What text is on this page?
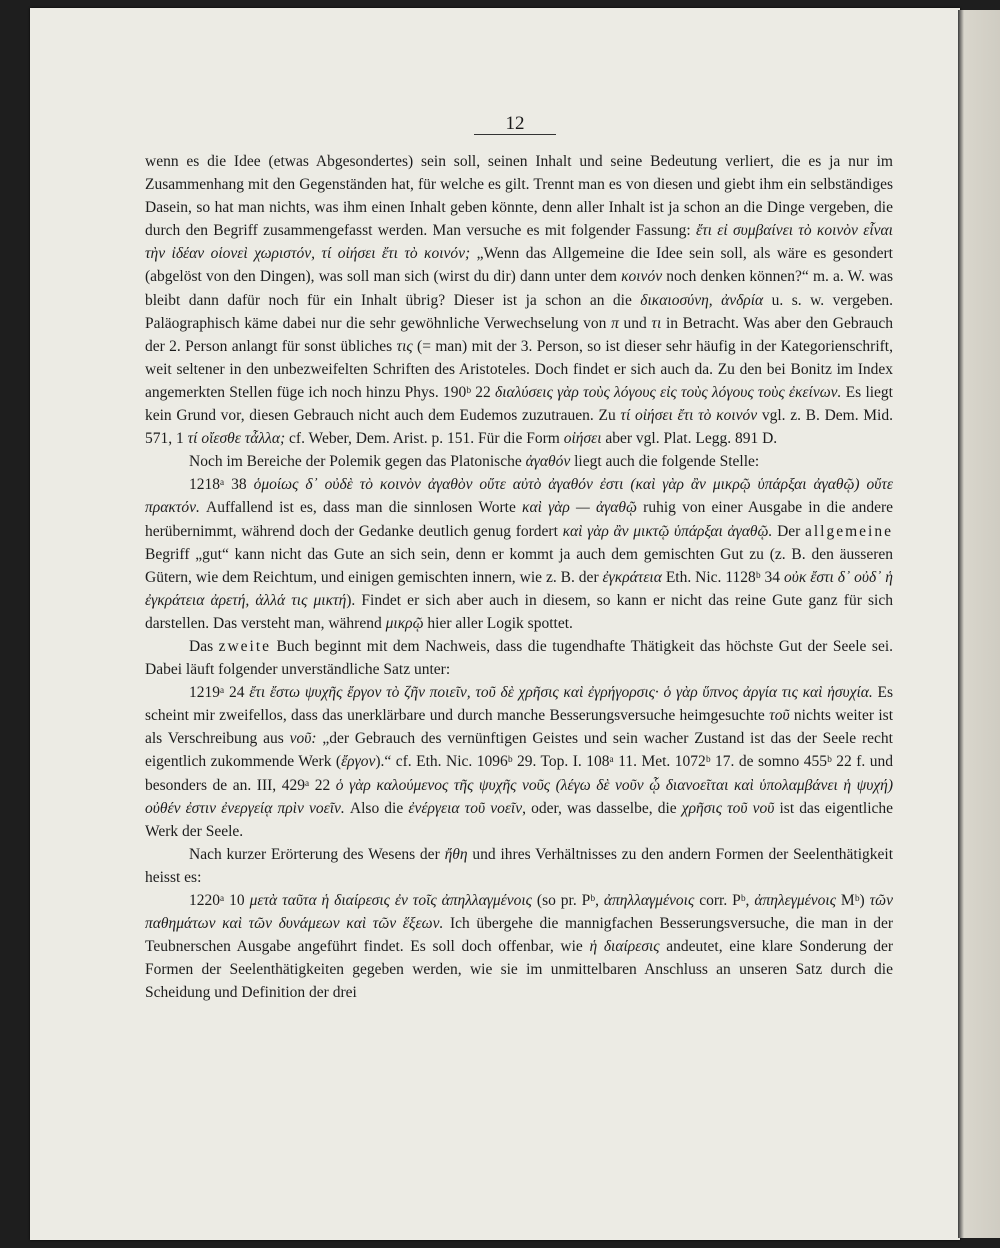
12

wenn es die Idee (etwas Abgesondertes) sein soll, seinen Inhalt und seine Bedeutung verliert, die es ja nur im Zusammenhang mit den Gegenständen hat, für welche es gilt. Trennt man es von diesen und giebt ihm ein selbständiges Dasein, so hat man nichts, was ihm einen Inhalt geben könnte, denn aller Inhalt ist ja schon an die Dinge vergeben, die durch den Begriff zusammengefasst werden. Man versuche es mit folgender Fassung: ἔτι εἰ συμβαίνει τὸ κοινὸν εἶναι τὴν ἰδέαν οἱονεὶ χωριστόν, τί οἰήσει ἔτι τὸ κοινόν; „Wenn das Allgemeine die Idee sein soll, als wäre es gesondert (abgelöst von den Dingen), was soll man sich (wirst du dir) dann unter dem κοινόν noch denken können?“ m. a. W. was bleibt dann dafür noch für ein Inhalt übrig? Dieser ist ja schon an die δικαιοσύνη, ἀνδρία u. s. w. vergeben. Paläographisch käme dabei nur die sehr gewöhnliche Verwechselung von π und τι in Betracht. Was aber den Gebrauch der 2. Person anlangt für sonst übliches τις (= man) mit der 3. Person, so ist dieser sehr häufig in der Kategorienschrift, weit seltener in den unbezweifelten Schriften des Aristoteles. Doch findet er sich auch da. Zu den bei Bonitz im Index angemerkten Stellen füge ich noch hinzu Phys. 190ᵇ 22 διαλύσεις γὰρ τοὺς λόγους εἰς τοὺς λόγους τοὺς ἐκείνων. Es liegt kein Grund vor, diesen Gebrauch nicht auch dem Eudemos zuzutrauen. Zu τί οἰήσει ἔτι τὸ κοινόν vgl. z. B. Dem. Mid. 571, 1 τί οἴεσθε τἆλλα; cf. Weber, Dem. Arist. p. 151. Für die Form οἰήσει aber vgl. Plat. Legg. 891 D.

Noch im Bereiche der Polemik gegen das Platonische ἀγαθόν liegt auch die folgende Stelle:

1218ᵃ 38 ὁμοίως δ᾽ οὐδὲ τὸ κοινὸν ἀγαθὸν οὔτε αὐτὸ ἀγαθόν ἐστι (καὶ γὰρ ἂν μικρῷ ὑπάρξαι ἀγαθῷ) οὔτε πρακτόν. Auffallend ist es, dass man die sinnlosen Worte καὶ γὰρ — ἀγαθῷ ruhig von einer Ausgabe in die andere herübernimmt, während doch der Gedanke deutlich genug fordert καὶ γὰρ ἂν μικτῷ ὑπάρξαι ἀγαθῷ. Der allgemeine Begriff „gut“ kann nicht das Gute an sich sein, denn er kommt ja auch dem gemischten Gut zu (z. B. den äusseren Gütern, wie dem Reichtum, und einigen gemischten innern, wie z. B. der ἐγκράτεια Eth. Nic. 1128ᵇ 34 οὐκ ἔστι δ᾽ οὐδ᾽ ἡ ἐγκράτεια ἀρετή, ἀλλά τις μικτή). Findet er sich aber auch in diesem, so kann er nicht das reine Gute ganz für sich darstellen. Das versteht man, während μικρῷ hier aller Logik spottet.

Das zweite Buch beginnt mit dem Nachweis, dass die tugendhafte Thätigkeit das höchste Gut der Seele sei. Dabei läuft folgender unverständliche Satz unter:

1219ᵃ 24 ἔτι ἔστω ψυχῆς ἔργον τὸ ζῆν ποιεῖν, τοῦ δὲ χρῆσις καὶ ἐγρήγορσις· ὁ γὰρ ὕπνος ἀργία τις καὶ ἡσυχία. Es scheint mir zweifellos, dass das unerklärbare und durch manche Besserungsversuche heimgesuchte τοῦ nichts weiter ist als Verschreibung aus νοῦ: „der Gebrauch des vernünftigen Geistes und sein wacher Zustand ist das der Seele recht eigentlich zukommende Werk (ἔργον).“ cf. Eth. Nic. 1096ᵇ 29. Top. I. 108ᵃ 11. Met. 1072ᵇ 17. de somno 455ᵇ 22 f. und besonders de an. III, 429ᵃ 22 ὁ γὰρ καλούμενος τῆς ψυχῆς νοῦς (λέγω δὲ νοῦν ᾧ διανοεῖται καὶ ὑπολαμβάνει ἡ ψυχή) οὐθέν ἐστιν ἐνεργείᾳ πρὶν νοεῖν. Also die ἐνέργεια τοῦ νοεῖν, oder, was dasselbe, die χρῆσις τοῦ νοῦ ist das eigentliche Werk der Seele.

Nach kurzer Erörterung des Wesens der ἤθη und ihres Verhältnisses zu den andern Formen der Seelenthätigkeit heisst es:

1220ᵃ 10 μετὰ ταῦτα ἡ διαίρεσις ἐν τοῖς ἀπηλλαγμένοις (so pr. Pᵇ, ἀπηλλαγμένοις corr. Pᵇ, ἀπηλεγμένοις Mᵇ) τῶν παθημάτων καὶ τῶν δυνάμεων καὶ τῶν ἕξεων. Ich übergehe die mannigfachen Besserungsversuche, die man in der Teubnerschen Ausgabe angeführt findet. Es soll doch offenbar, wie ἡ διαίρεσις andeutet, eine klare Sonderung der Formen der Seelenthätigkeiten gegeben werden, wie sie im unmittelbaren Anschluss an unseren Satz durch die Scheidung und Definition der drei
